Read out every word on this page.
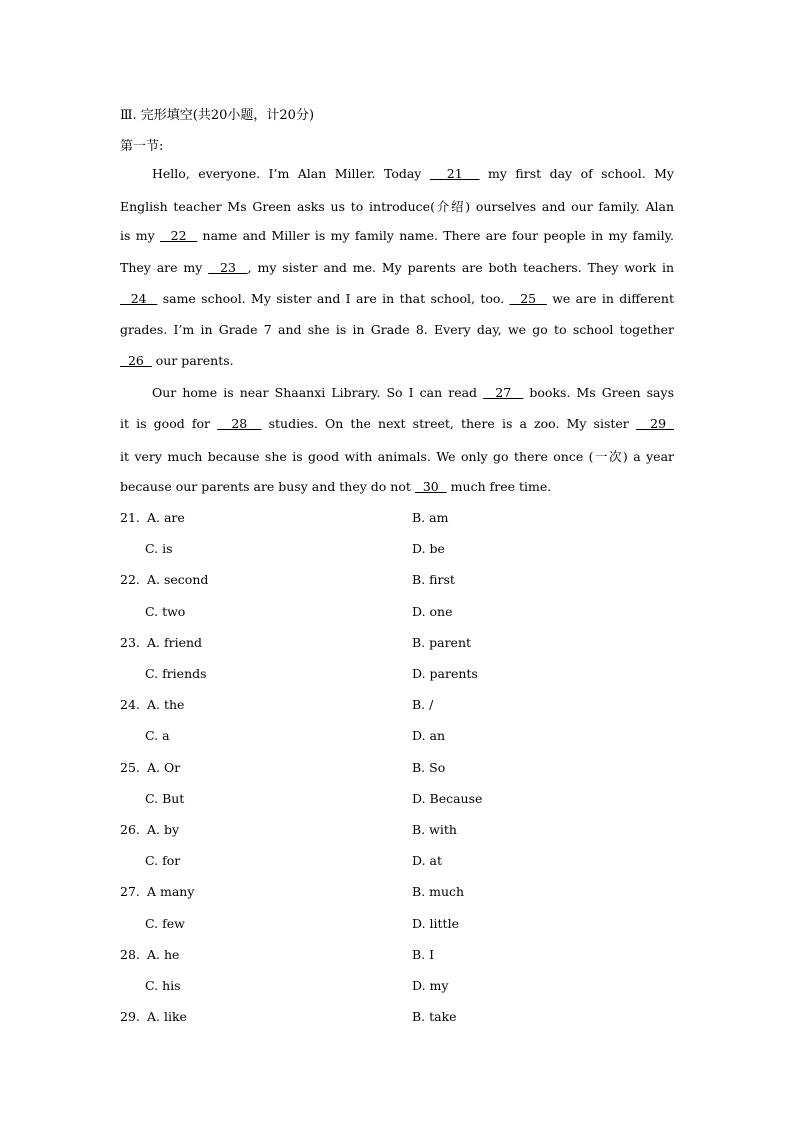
Ⅲ. 完形填空(共20小题，计20分)
第一节:
Hello, everyone. I’m Alan Miller. Today   21   my first day of school. My
English teacher Ms Green asks us to introduce(介绍) ourselves and our family. Alan
is my   22   name and Miller is my family name. There are four people in my family.
They are my   23  , my sister and me. My parents are both teachers. They work in
24   same school. My sister and I are in that school, too.   25   we are in different
grades. I’m in Grade 7 and she is in Grade 8. Every day, we go to school together
26   our parents.
Our home is near Shaanxi Library. So I can read   27   books. Ms Green says
it is good for   28   studies. On the next street, there is a zoo. My sister   29
it very much because she is good with animals. We only go there once (一次) a year
because our parents are busy and they do not   30   much free time.
21. A. are	B. am
C. is	D. be
22. A. second	B. first
C. two	D. one
23. A. friend	B. parent
C. friends	D. parents
24. A. the	B. /
C. a	D. an
25. A. Or	B. So
C. But	D. Because
26. A. by	B. with
C. for	D. at
27. A many	B. much
C. few	D. little
28. A. he	B. I
C. his	D. my
29. A. like	B. take
